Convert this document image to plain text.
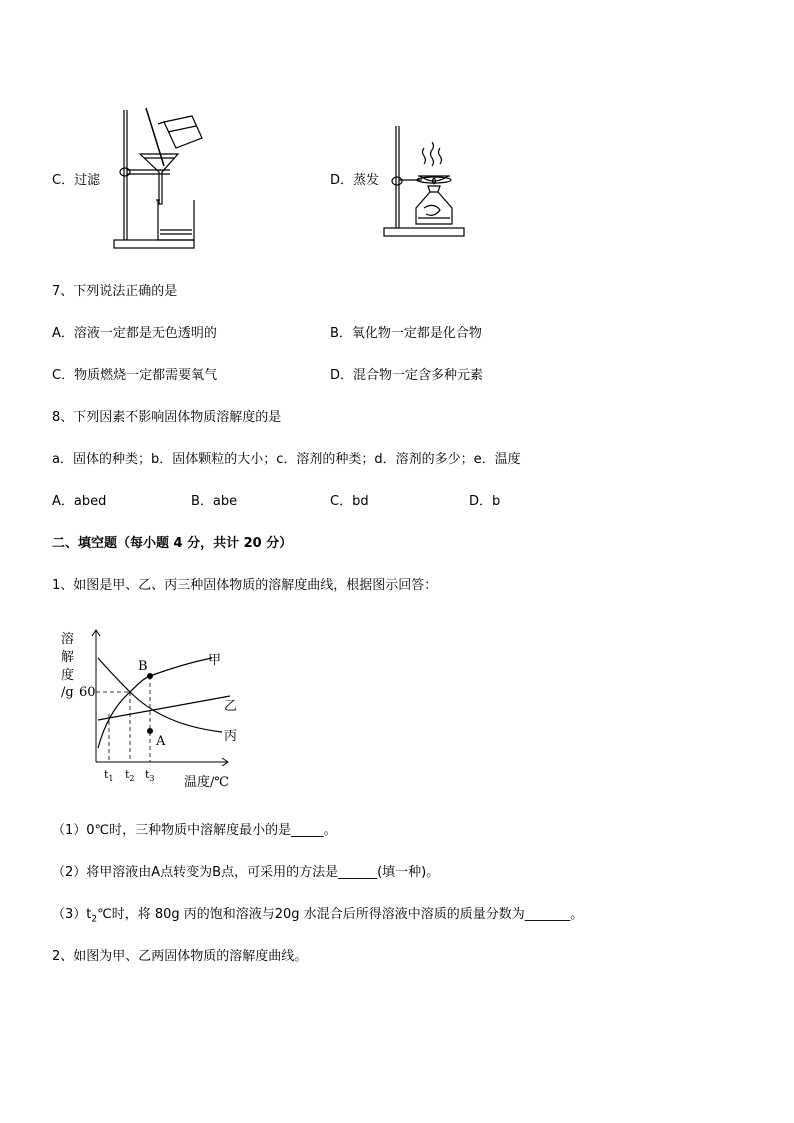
C．过滤	D．蒸发
7、下列说法正确的是
A．溶液一定都是无色透明的	B．氧化物一定都是化合物
C．物质燃烧一定都需要氧气	D．混合物一定含多种元素
8、下列因素不影响固体物质溶解度的是
a．固体的种类；b．固体颗粒的大小；c．溶剂的种类；d．溶剂的多少；e．温度
A．abed	B．abe	C．bd	D．b
二、填空题（每小题 4 分，共计 20 分）
1、如图是甲、乙、丙三种固体物质的溶解度曲线，根据图示回答：
溶
解
度
/g
B
A
甲
乙
丙
60
$t_1$ $t_2$ $t_3$ 温度/℃
（1）0℃时，三种物质中溶解度最小的是_____。
（2）将甲溶液由A点转变为B点，可采用的方法是______(填一种)。
$(3)t_2℃$时，将 80g 丙的饱和溶液与20g 水混合后所得溶液中溶质的质量分数为_______。
2、如图为甲、乙两固体物质的溶解度曲线。
